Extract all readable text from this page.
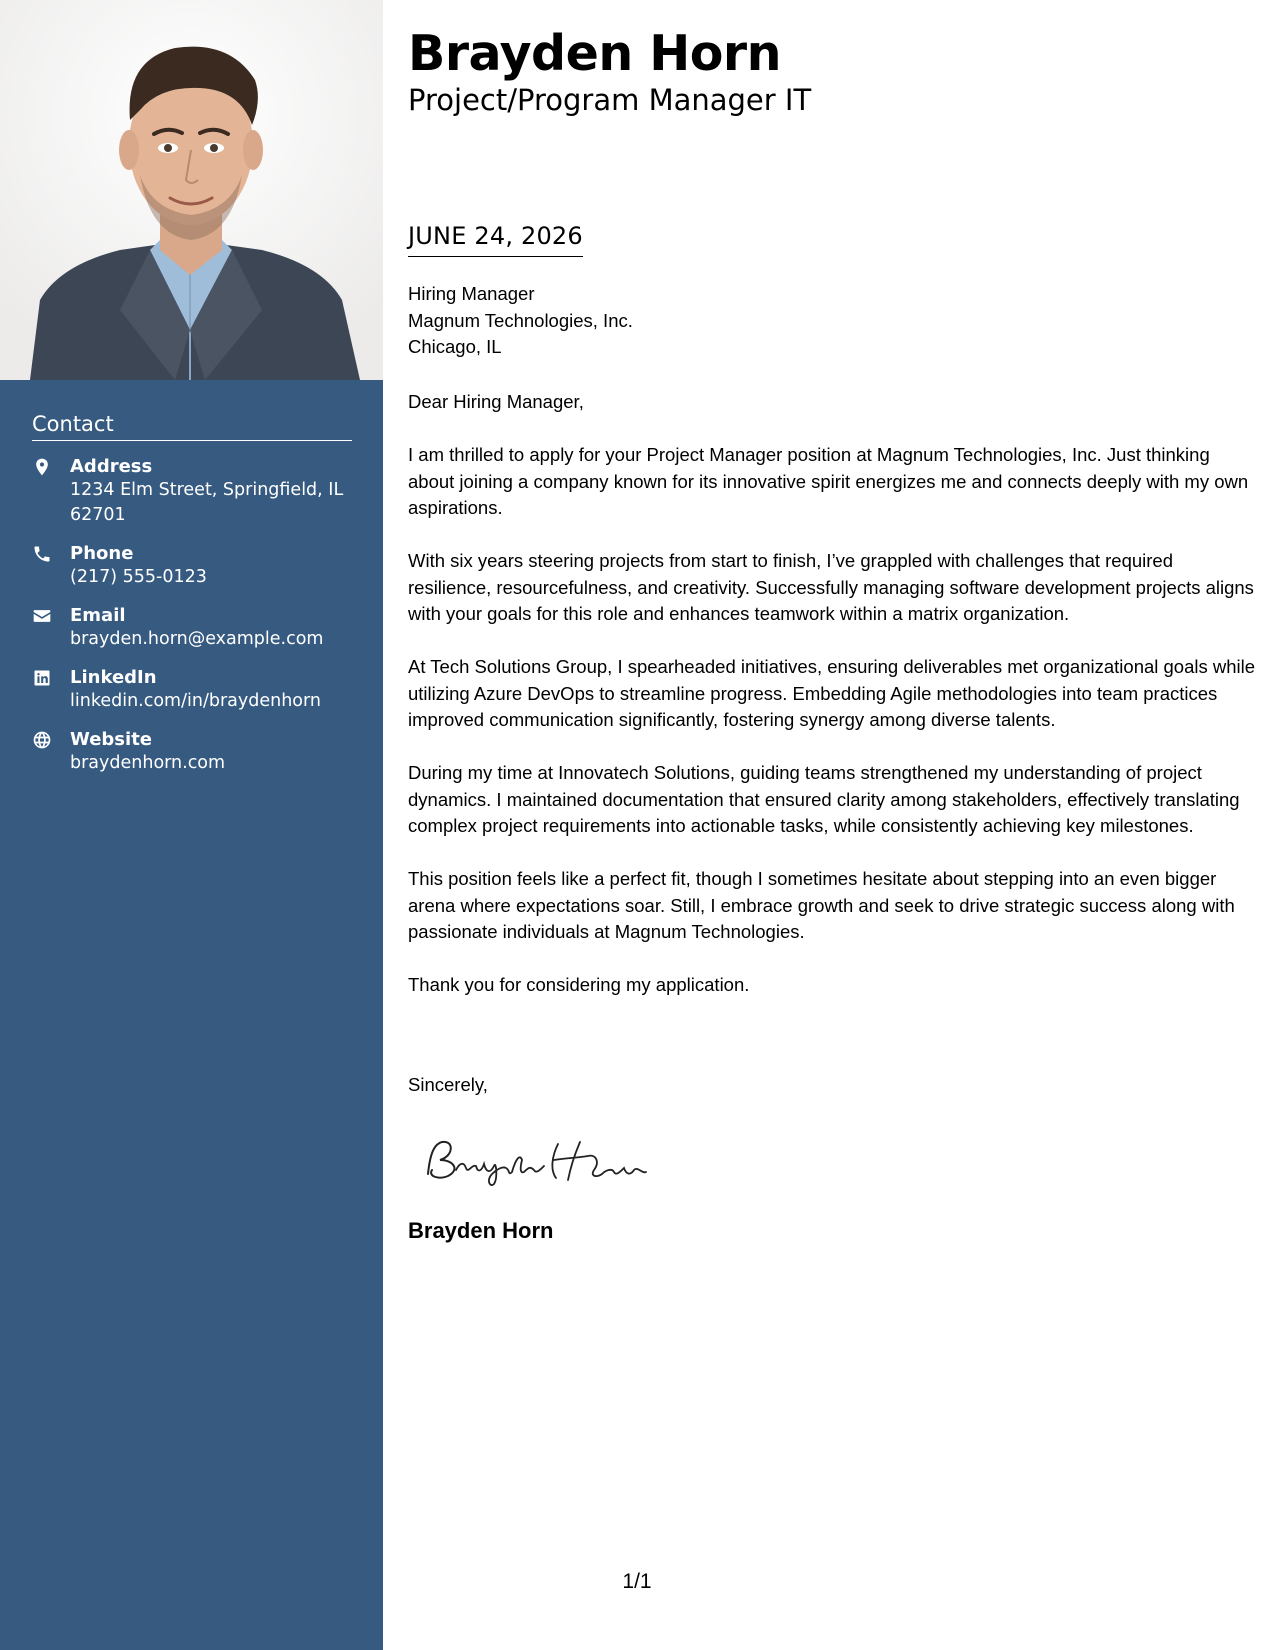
Contact
Address
1234 Elm Street, Springfield, IL 62701
Phone
(217) 555-0123
Email
brayden.horn@example.com
LinkedIn
linkedin.com/in/braydenhorn
Website
braydenhorn.com
Brayden Horn
Project/Program Manager IT
JUNE 24, 2026
Hiring Manager
Magnum Technologies, Inc.
Chicago, IL

Dear Hiring Manager,

I am thrilled to apply for your Project Manager position at Magnum Technologies, Inc. Just thinking about joining a company known for its innovative spirit energizes me and connects deeply with my own aspirations.

With six years steering projects from start to finish, I’ve grappled with challenges that required resilience, resourcefulness, and creativity. Successfully managing software development projects aligns with your goals for this role and enhances teamwork within a matrix organization.

At Tech Solutions Group, I spearheaded initiatives, ensuring deliverables met organizational goals while utilizing Azure DevOps to streamline progress. Embedding Agile methodologies into team practices improved communication significantly, fostering synergy among diverse talents.

During my time at Innovatech Solutions, guiding teams strengthened my understanding of project dynamics. I maintained documentation that ensured clarity among stakeholders, effectively translating complex project requirements into actionable tasks, while consistently achieving key milestones.

This position feels like a perfect fit, though I sometimes hesitate about stepping into an even bigger arena where expectations soar. Still, I embrace growth and seek to drive strategic success along with passionate individuals at Magnum Technologies.

Thank you for considering my application.

Sincerely,
Brayden Horn
1/1
